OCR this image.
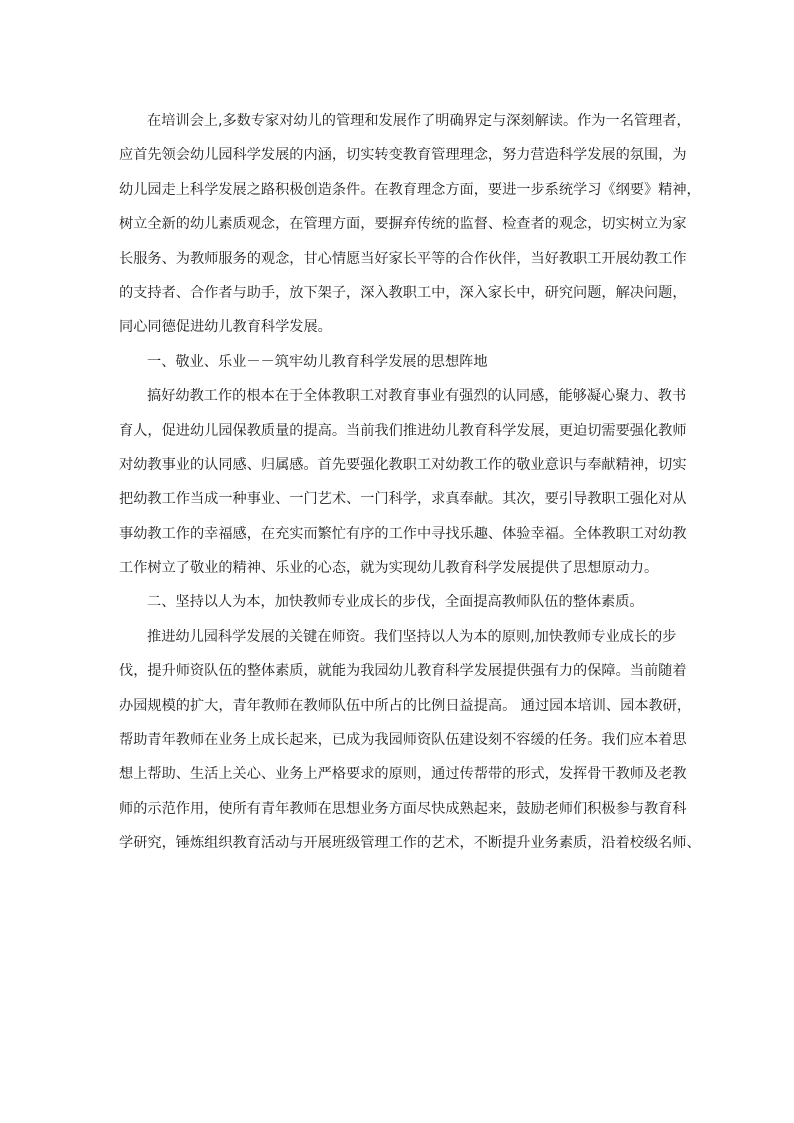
在培训会上,多数专家对幼儿的管理和发展作了明确界定与深刻解读。作为一名管理者，
应首先领会幼儿园科学发展的内涵，切实转变教育管理理念，努力营造科学发展的氛围，为
幼儿园走上科学发展之路积极创造条件。在教育理念方面，要进一步系统学习《纲要》精神，
树立全新的幼儿素质观念，在管理方面，要摒弃传统的监督、检查者的观念，切实树立为家
长服务、为教师服务的观念，甘心情愿当好家长平等的合作伙伴，当好教职工开展幼教工作
的支持者、合作者与助手，放下架子，深入教职工中，深入家长中，研究问题，解决问题，
同心同德促进幼儿教育科学发展。
一、敬业、乐业－－筑牢幼儿教育科学发展的思想阵地
搞好幼教工作的根本在于全体教职工对教育事业有强烈的认同感，能够凝心聚力、教书
育人，促进幼儿园保教质量的提高。当前我们推进幼儿教育科学发展，更迫切需要强化教师
对幼教事业的认同感、归属感。首先要强化教职工对幼教工作的敬业意识与奉献精神，切实
把幼教工作当成一种事业、一门艺术、一门科学，求真奉献。其次，要引导教职工强化对从
事幼教工作的幸福感，在充实而繁忙有序的工作中寻找乐趣、体验幸福。全体教职工对幼教
工作树立了敬业的精神、乐业的心态，就为实现幼儿教育科学发展提供了思想原动力。
二、坚持以人为本，加快教师专业成长的步伐，全面提高教师队伍的整体素质。
推进幼儿园科学发展的关键在师资。我们坚持以人为本的原则,加快教师专业成长的步
伐，提升师资队伍的整体素质，就能为我园幼儿教育科学发展提供强有力的保障。当前随着
办园规模的扩大，青年教师在教师队伍中所占的比例日益提高。 通过园本培训、园本教研，
帮助青年教师在业务上成长起来，已成为我园师资队伍建设刻不容缓的任务。我们应本着思
想上帮助、生活上关心、业务上严格要求的原则，通过传帮带的形式，发挥骨干教师及老教
师的示范作用，使所有青年教师在思想业务方面尽快成熟起来，鼓励老师们积极参与教育科
学研究，锤炼组织教育活动与开展班级管理工作的艺术，不断提升业务素质，沿着校级名师、
